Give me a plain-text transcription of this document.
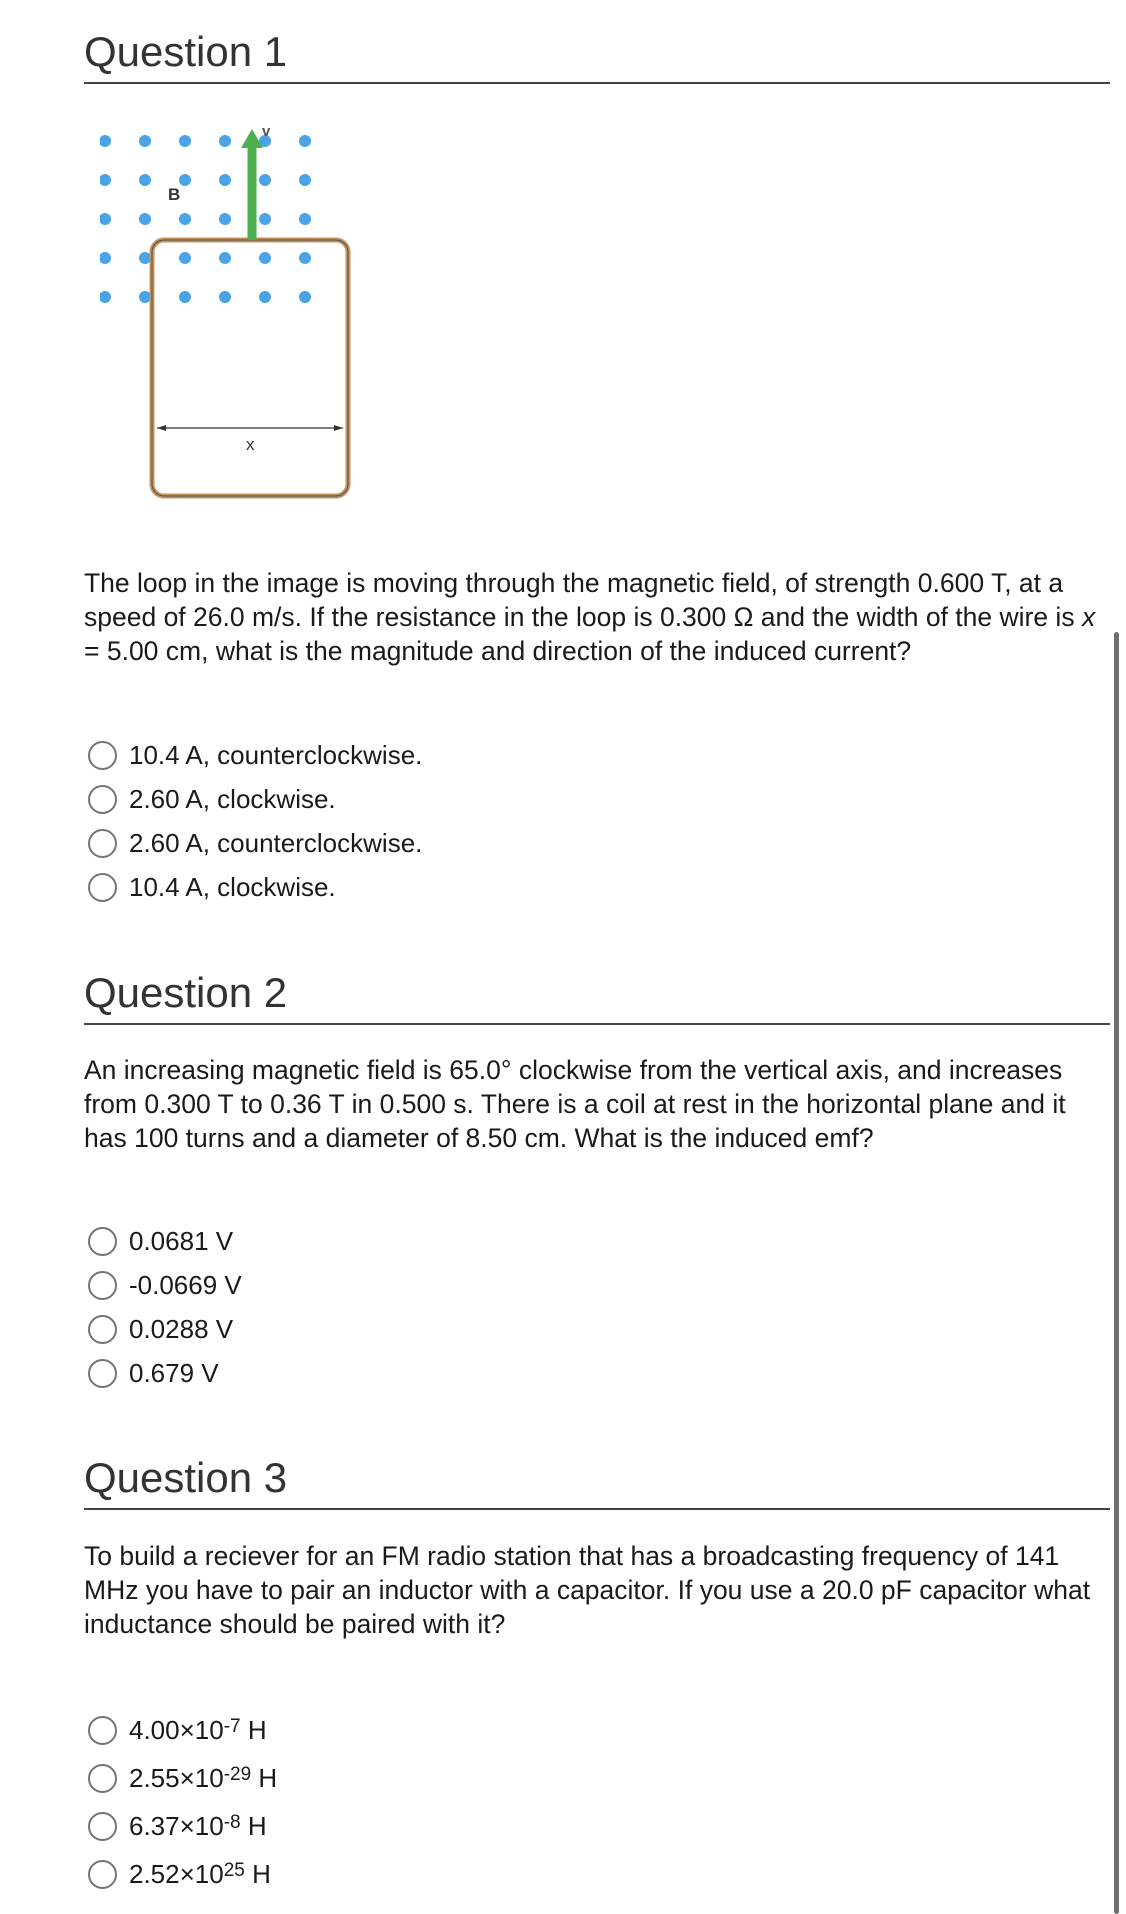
Question 1
v
B
x
The loop in the image is moving through the magnetic field, of strength 0.600 T, at a speed of 26.0 m/s. If the resistance in the loop is 0.300 Ω and the width of the wire is x = 5.00 cm, what is the magnitude and direction of the induced current?
10.4 A, counterclockwise.
2.60 A, clockwise.
2.60 A, counterclockwise.
10.4 A, clockwise.
Question 2
An increasing magnetic field is 65.0° clockwise from the vertical axis, and increases from 0.300 T to 0.36 T in 0.500 s. There is a coil at rest in the horizontal plane and it has 100 turns and a diameter of 8.50 cm. What is the induced emf?
0.0681 V
-0.0669 V
0.0288 V
0.679 V
Question 3
To build a reciever for an FM radio station that has a broadcasting frequency of 141 MHz you have to pair an inductor with a capacitor. If you use a 20.0 pF capacitor what inductance should be paired with it?
$4.00\times 10^{-7}$ H
$2.55\times 10^{-29}$ H
$6.37\times 10^{-8}$ H
$2.52\times 10^{25}$ H
